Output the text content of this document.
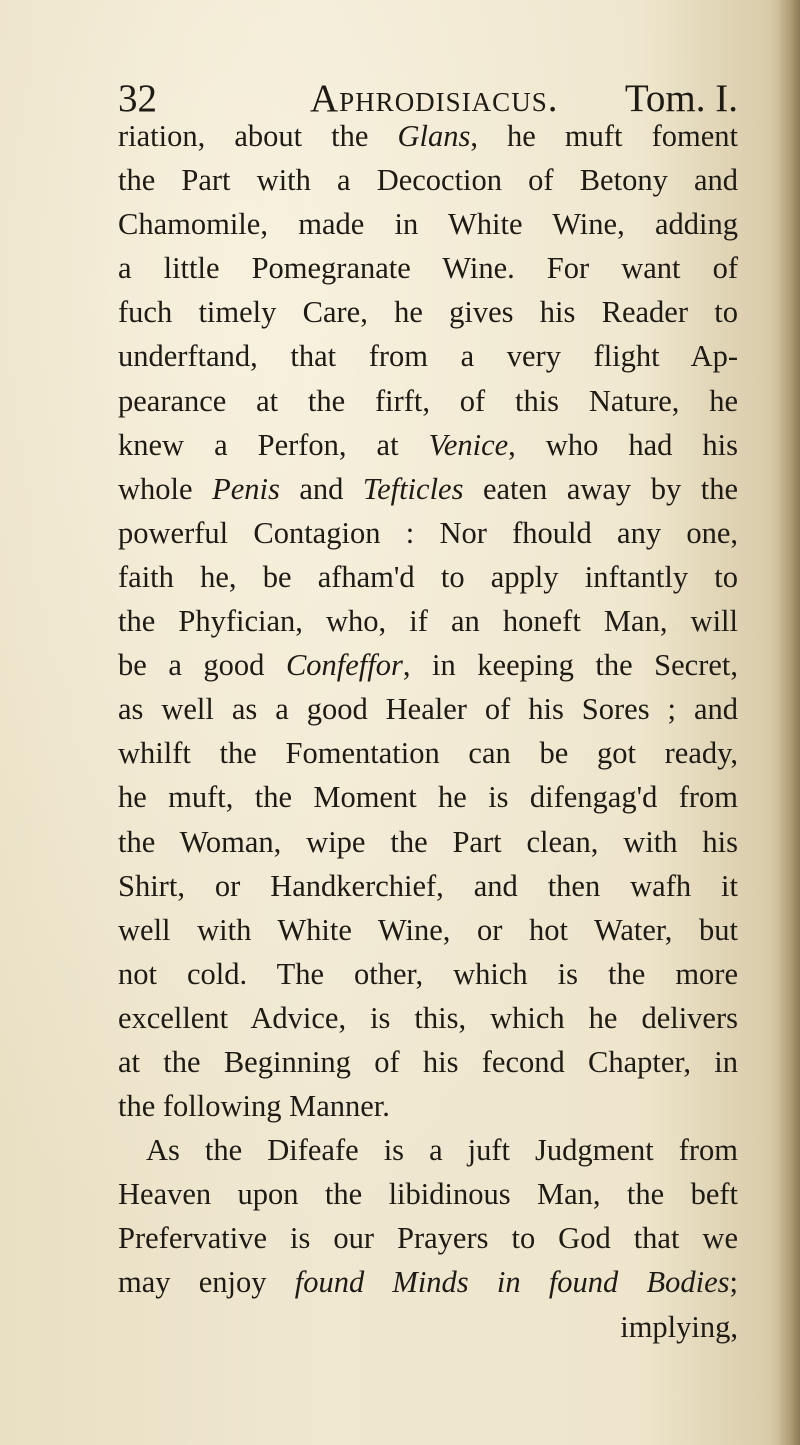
32	Aphrodisiacus. Tom. I.
riation, about the Glans, he muft foment
the Part with a Decoction of Betony and
Chamomile, made in White Wine, adding
a little Pomegranate Wine. For want of
fuch timely Care, he gives his Reader to
underftand, that from a very flight Ap-
pearance at the firft, of this Nature, he
knew a Perfon, at Venice, who had his
whole Penis and Tefticles eaten away by the
powerful Contagion : Nor fhould any one,
faith he, be afham'd to apply inftantly to
the Phyfician, who, if an honeft Man, will
be a good Confeffor, in keeping the Secret,
as well as a good Healer of his Sores ; and
whilft the Fomentation can be got ready,
he muft, the Moment he is difengag'd from
the Woman, wipe the Part clean, with his
Shirt, or Handkerchief, and then wafh it
well with White Wine, or hot Water, but
not cold. The other, which is the more
excellent Advice, is this, which he delivers
at the Beginning of his fecond Chapter, in
the following Manner.
As the Difeafe is a juft Judgment from
Heaven upon the libidinous Man, the beft
Prefervative is our Prayers to God that we
may enjoy found Minds in found Bodies;
implying,
